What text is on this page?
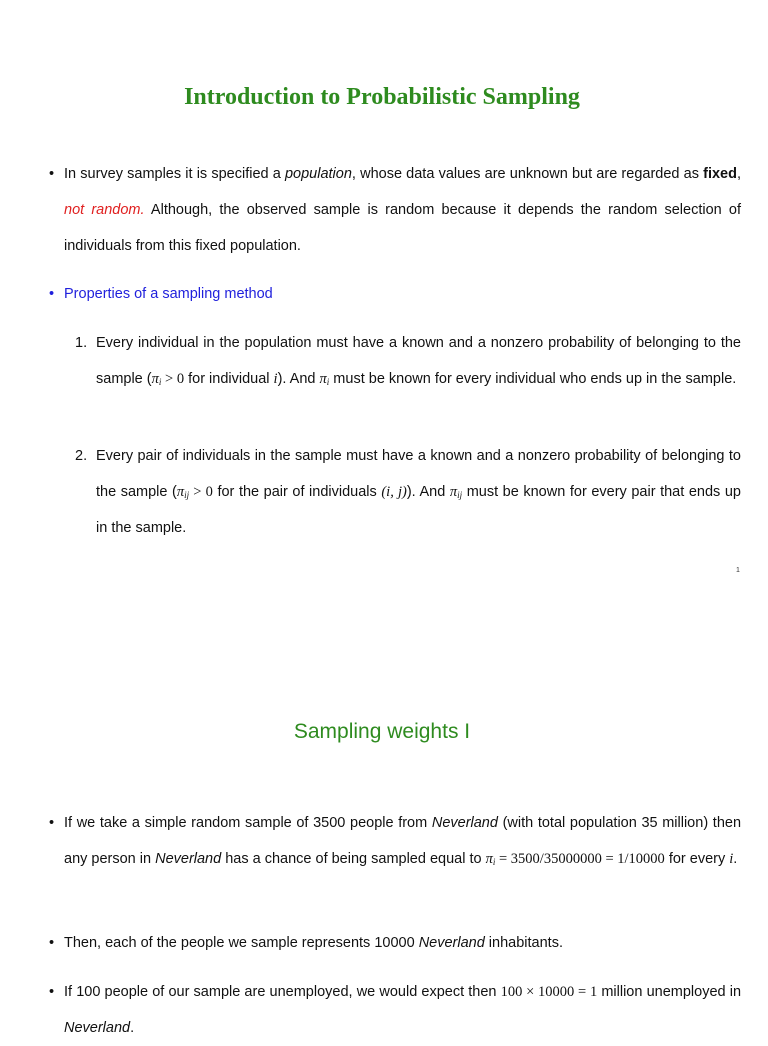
Introduction to Probabilistic Sampling
• In survey samples it is specified a population, whose data values are unknown but are regarded as fixed, not random. Although, the observed sample is random because it depends the random selection of individuals from this fixed population.
• Properties of a sampling method
1. Every individual in the population must have a known and a nonzero probability of belonging to the sample ($\pi_i > 0$ for individual i). And $\pi_i$ must be known for every individual who ends up in the sample.
2. Every pair of individuals in the sample must have a known and a nonzero probability of belonging to the sample ($\pi_{ij} > 0$ for the pair of individuals (i, j)). And $\pi_{ij}$ must be known for every pair that ends up in the sample.
1
Sampling weights I
• If we take a simple random sample of 3500 people from Neverland (with total population 35 million) then any person in Neverland has a chance of being sampled equal to $\pi_i = 3500/35000000 = 1/10000$ for every i.
• Then, each of the people we sample represents 10000 Neverland inhabitants.
• If 100 people of our sample are unemployed, we would expect then 100 × 10000 = 1 million unemployed in Neverland.
